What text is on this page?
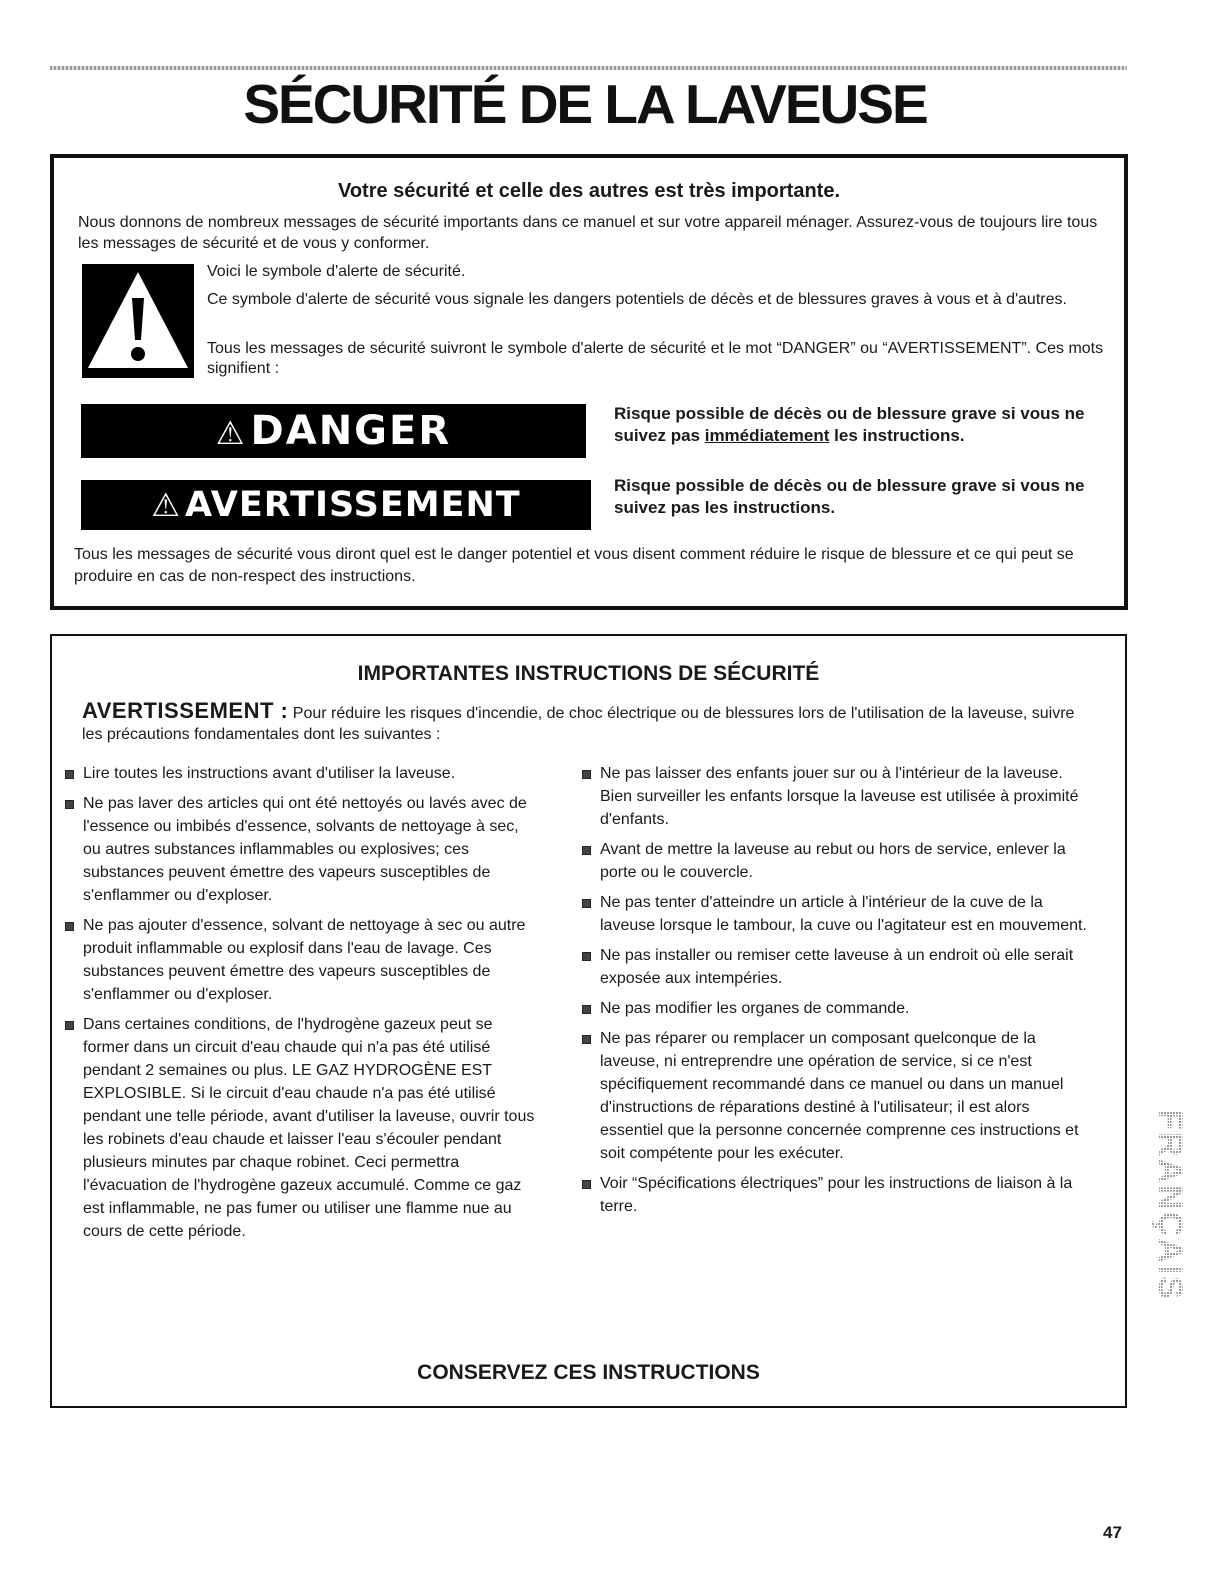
SÉCURITÉ DE LA LAVEUSE
Votre sécurité et celle des autres est très importante.

Nous donnons de nombreux messages de sécurité importants dans ce manuel et sur votre appareil ménager. Assurez-vous de toujours lire tous les messages de sécurité et de vous y conformer.

Voici le symbole d'alerte de sécurité.

Ce symbole d'alerte de sécurité vous signale les dangers potentiels de décès et de blessures graves à vous et à d'autres.

Tous les messages de sécurité suivront le symbole d'alerte de sécurité et le mot “DANGER” ou “AVERTISSEMENT”. Ces mots signifient :

⚠ DANGER	Risque possible de décès ou de blessure grave si vous ne suivez pas immédiatement les instructions.

⚠ AVERTISSEMENT	Risque possible de décès ou de blessure grave si vous ne suivez pas les instructions.

Tous les messages de sécurité vous diront quel est le danger potentiel et vous disent comment réduire le risque de blessure et ce qui peut se produire en cas de non-respect des instructions.

IMPORTANTES INSTRUCTIONS DE SÉCURITÉ

AVERTISSEMENT : Pour réduire les risques d'incendie, de choc électrique ou de blessures lors de l'utilisation de la laveuse, suivre les précautions fondamentales dont les suivantes :

Lire toutes les instructions avant d'utiliser la laveuse.
Ne pas laver des articles qui ont été nettoyés ou lavés avec de l'essence ou imbibés d'essence, solvants de nettoyage à sec, ou autres substances inflammables ou explosives; ces substances peuvent émettre des vapeurs susceptibles de s'enflammer ou d'exploser.
Ne pas ajouter d'essence, solvant de nettoyage à sec ou autre produit inflammable ou explosif dans l'eau de lavage. Ces substances peuvent émettre des vapeurs susceptibles de s'enflammer ou d'exploser.
Dans certaines conditions, de l'hydrogène gazeux peut se former dans un circuit d'eau chaude qui n'a pas été utilisé pendant 2 semaines ou plus. LE GAZ HYDROGÈNE EST EXPLOSIBLE. Si le circuit d'eau chaude n'a pas été utilisé pendant une telle période, avant d'utiliser la laveuse, ouvrir tous les robinets d'eau chaude et laisser l'eau s'écouler pendant plusieurs minutes par chaque robinet. Ceci permettra l'évacuation de l'hydrogène gazeux accumulé. Comme ce gaz est inflammable, ne pas fumer ou utiliser une flamme nue au cours de cette période.
Ne pas laisser des enfants jouer sur ou à l'intérieur de la laveuse. Bien surveiller les enfants lorsque la laveuse est utilisée à proximité d'enfants.
Avant de mettre la laveuse au rebut ou hors de service, enlever la porte ou le couvercle.
Ne pas tenter d'atteindre un article à l'intérieur de la cuve de la laveuse lorsque le tambour, la cuve ou l'agitateur est en mouvement.
Ne pas installer ou remiser cette laveuse à un endroit où elle serait exposée aux intempéries.
Ne pas modifier les organes de commande.
Ne pas réparer ou remplacer un composant quelconque de la laveuse, ni entreprendre une opération de service, si ce n'est spécifiquement recommandé dans ce manuel ou dans un manuel d'instructions de réparations destiné à l'utilisateur; il est alors essentiel que la personne concernée comprenne ces instructions et soit compétente pour les exécuter.
Voir “Spécifications électriques” pour les instructions de liaison à la terre.
CONSERVEZ CES INSTRUCTIONS
FRANÇAIS
47
